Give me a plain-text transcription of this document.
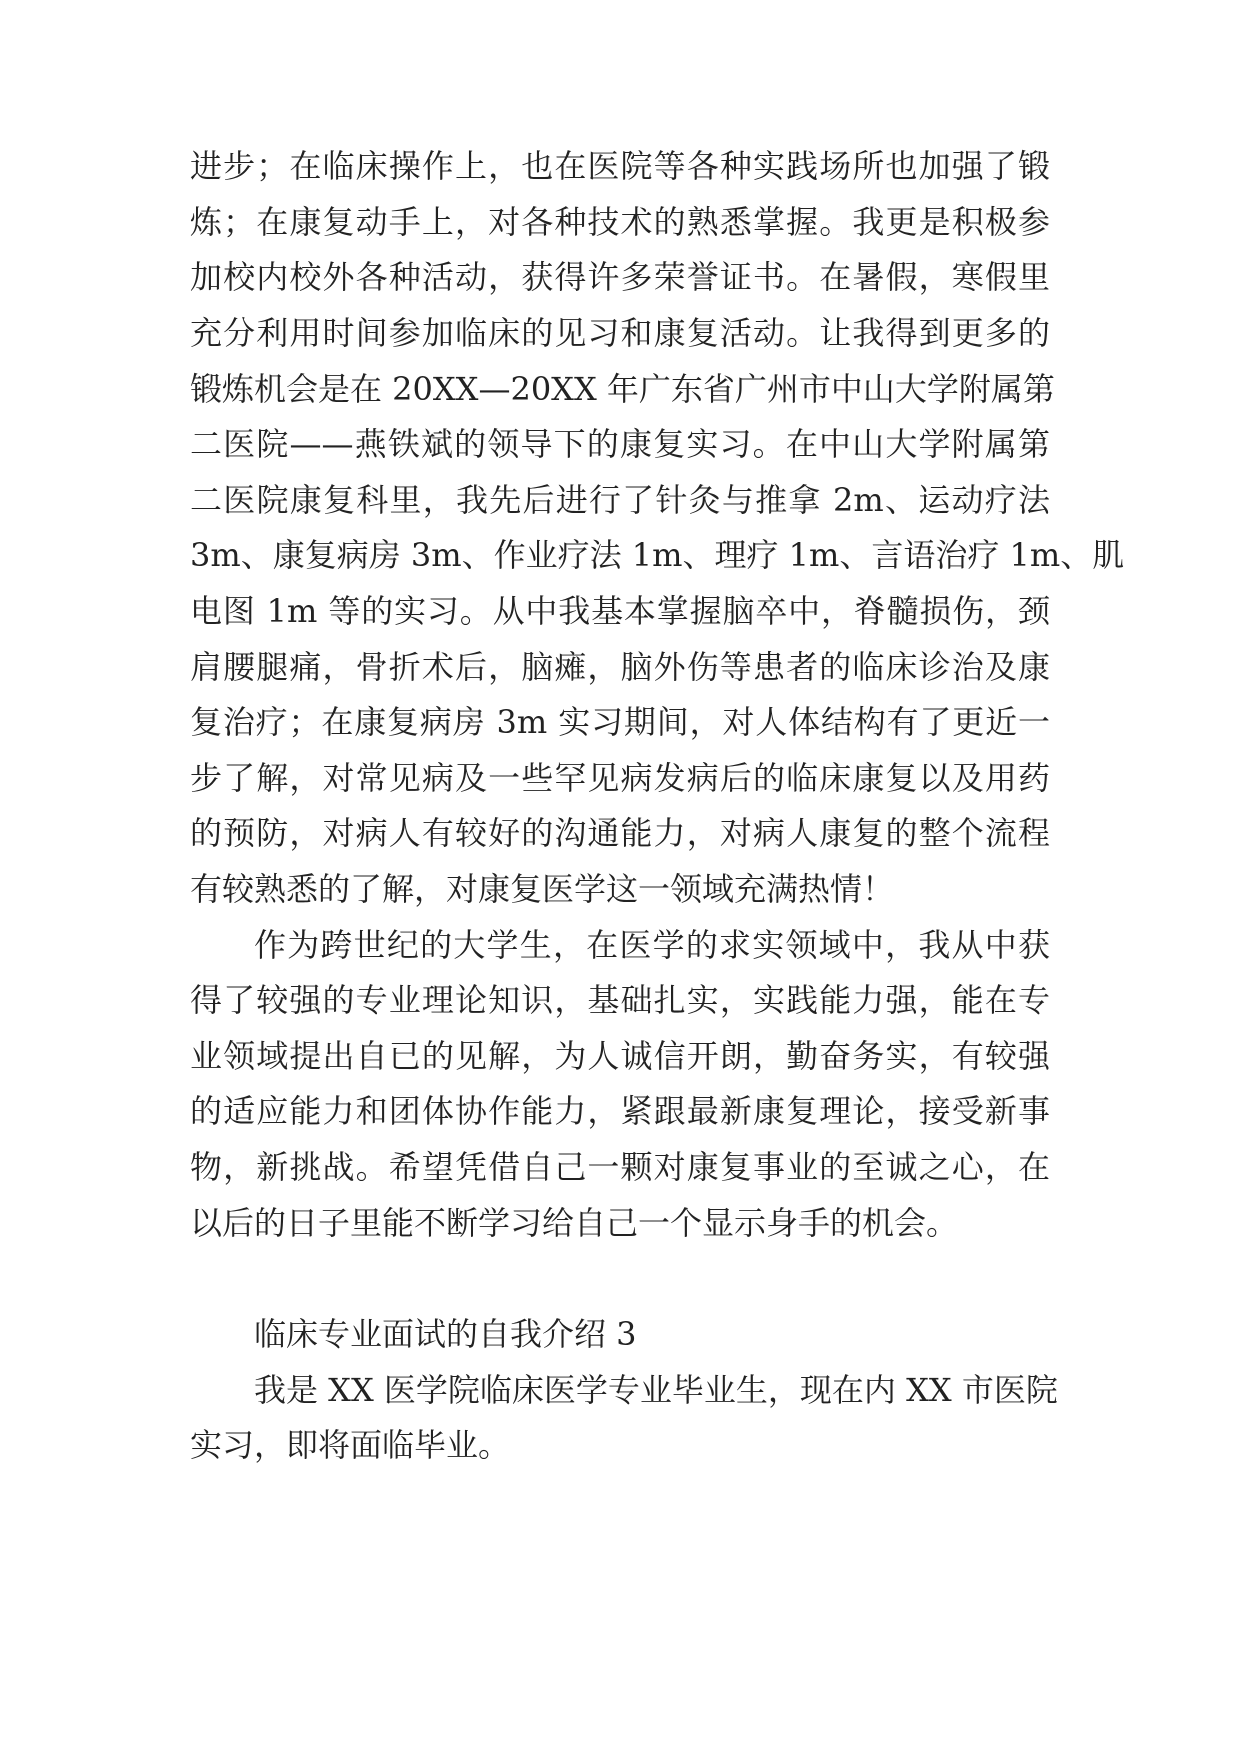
进步；在临床操作上，也在医院等各种实践场所也加强了锻
炼；在康复动手上，对各种技术的熟悉掌握。我更是积极参
加校内校外各种活动，获得许多荣誉证书。在暑假，寒假里
充分利用时间参加临床的见习和康复活动。让我得到更多的
锻炼机会是在 20XX—20XX 年广东省广州市中山大学附属第
二医院——燕铁斌的领导下的康复实习。在中山大学附属第
二医院康复科里，我先后进行了针灸与推拿 2m、运动疗法
3m、康复病房 3m、作业疗法 1m、理疗 1m、言语治疗 1m、肌
电图 1m 等的实习。从中我基本掌握脑卒中，脊髓损伤，颈
肩腰腿痛，骨折术后，脑瘫，脑外伤等患者的临床诊治及康
复治疗；在康复病房 3m 实习期间，对人体结构有了更近一
步了解，对常见病及一些罕见病发病后的临床康复以及用药
的预防，对病人有较好的沟通能力，对病人康复的整个流程
有较熟悉的了解，对康复医学这一领域充满热情！
作为跨世纪的大学生，在医学的求实领域中，我从中获
得了较强的专业理论知识，基础扎实，实践能力强，能在专
业领域提出自已的见解，为人诚信开朗，勤奋务实，有较强
的适应能力和团体协作能力，紧跟最新康复理论，接受新事
物，新挑战。希望凭借自己一颗对康复事业的至诚之心，在
以后的日子里能不断学习给自己一个显示身手的机会。
临床专业面试的自我介绍 3
我是 XX 医学院临床医学专业毕业生，现在内 XX 市医院
实习，即将面临毕业。
